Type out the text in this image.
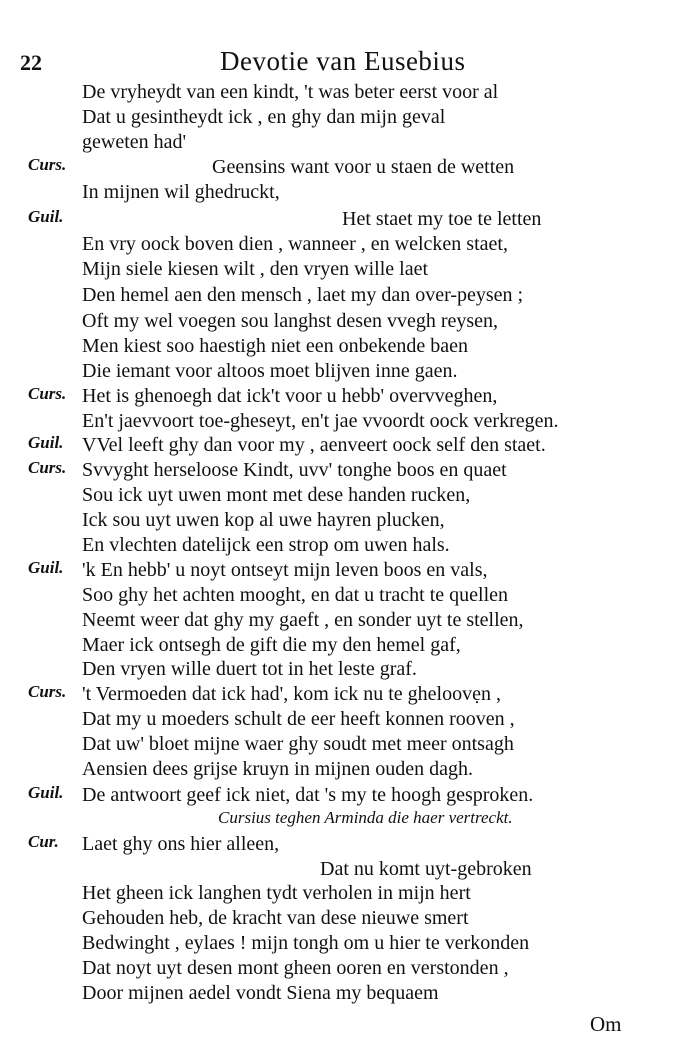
22	Devotie van Eusebius
De vryheydt van een kindt, 't was beter eerst voor al
Dat u gesintheydt ick , en ghy dan mijn geval
geweten had'
Curs.	Geensins want voor u staen de wetten
In mijnen wil ghedruckt,
Guil.	Het staet my toe te letten
En vry oock boven dien , wanneer , en welcken staet,
Mijn siele kiesen wilt , den vryen wille laet
Den hemel aen den mensch , laet my dan over-peysen ;
Oft my wel voegen sou langhst desen vvegh reysen,
Men kiest soo haestigh niet een onbekende baen
Die iemant voor altoos moet blijven inne gaen.
Curs. Het is ghenoegh dat ick't voor u hebb' overvveghen,
En't jaevvoort toe-gheseyt, en't jae vvoordt oock verkregen.
Guil. VVel leeft ghy dan voor my , aenveert oock self den staet.
Curs. Svvyght herseloose Kindt, uvv' tonghe boos en quaet
Sou ick uyt uwen mont met dese handen rucken,
Ick sou uyt uwen kop al uwe hayren plucken,
En vlechten datelijck een strop om uwen hals.
Guil. 'k En hebb' u noyt ontseyt mijn leven boos en vals,
Soo ghy het achten mooght, en dat u tracht te quellen
Neemt weer dat ghy my gaeft , en sonder uyt te stellen,
Maer ick ontsegh de gift die my den hemel gaf,
Den vryen wille duert tot in het leste graf.
Curs. 't Vermoeden dat ick had', kom ick nu te gheloovẹn ,
Dat my u moeders schult de eer heeft konnen rooven ,
Dat uw' bloet mijne waer ghy soudt met meer ontsagh
Aensien dees grijse kruyn in mijnen ouden dagh.
Guil. De antwoort geef ick niet, dat 's my te hoogh gesproken.
Cursius teghen Arminda die haer vertreckt.
Cur. Laet ghy ons hier alleen,
Dat nu komt uyt-gebroken
Het gheen ick langhen tydt verholen in mijn hert
Gehouden heb, de kracht van dese nieuwe smert
Bedwinght , eylaes ! mijn tongh om u hier te verkonden
Dat noyt uyt desen mont gheen ooren en verstonden ,
Door mijnen aedel vondt Siena my bequaem
Om
